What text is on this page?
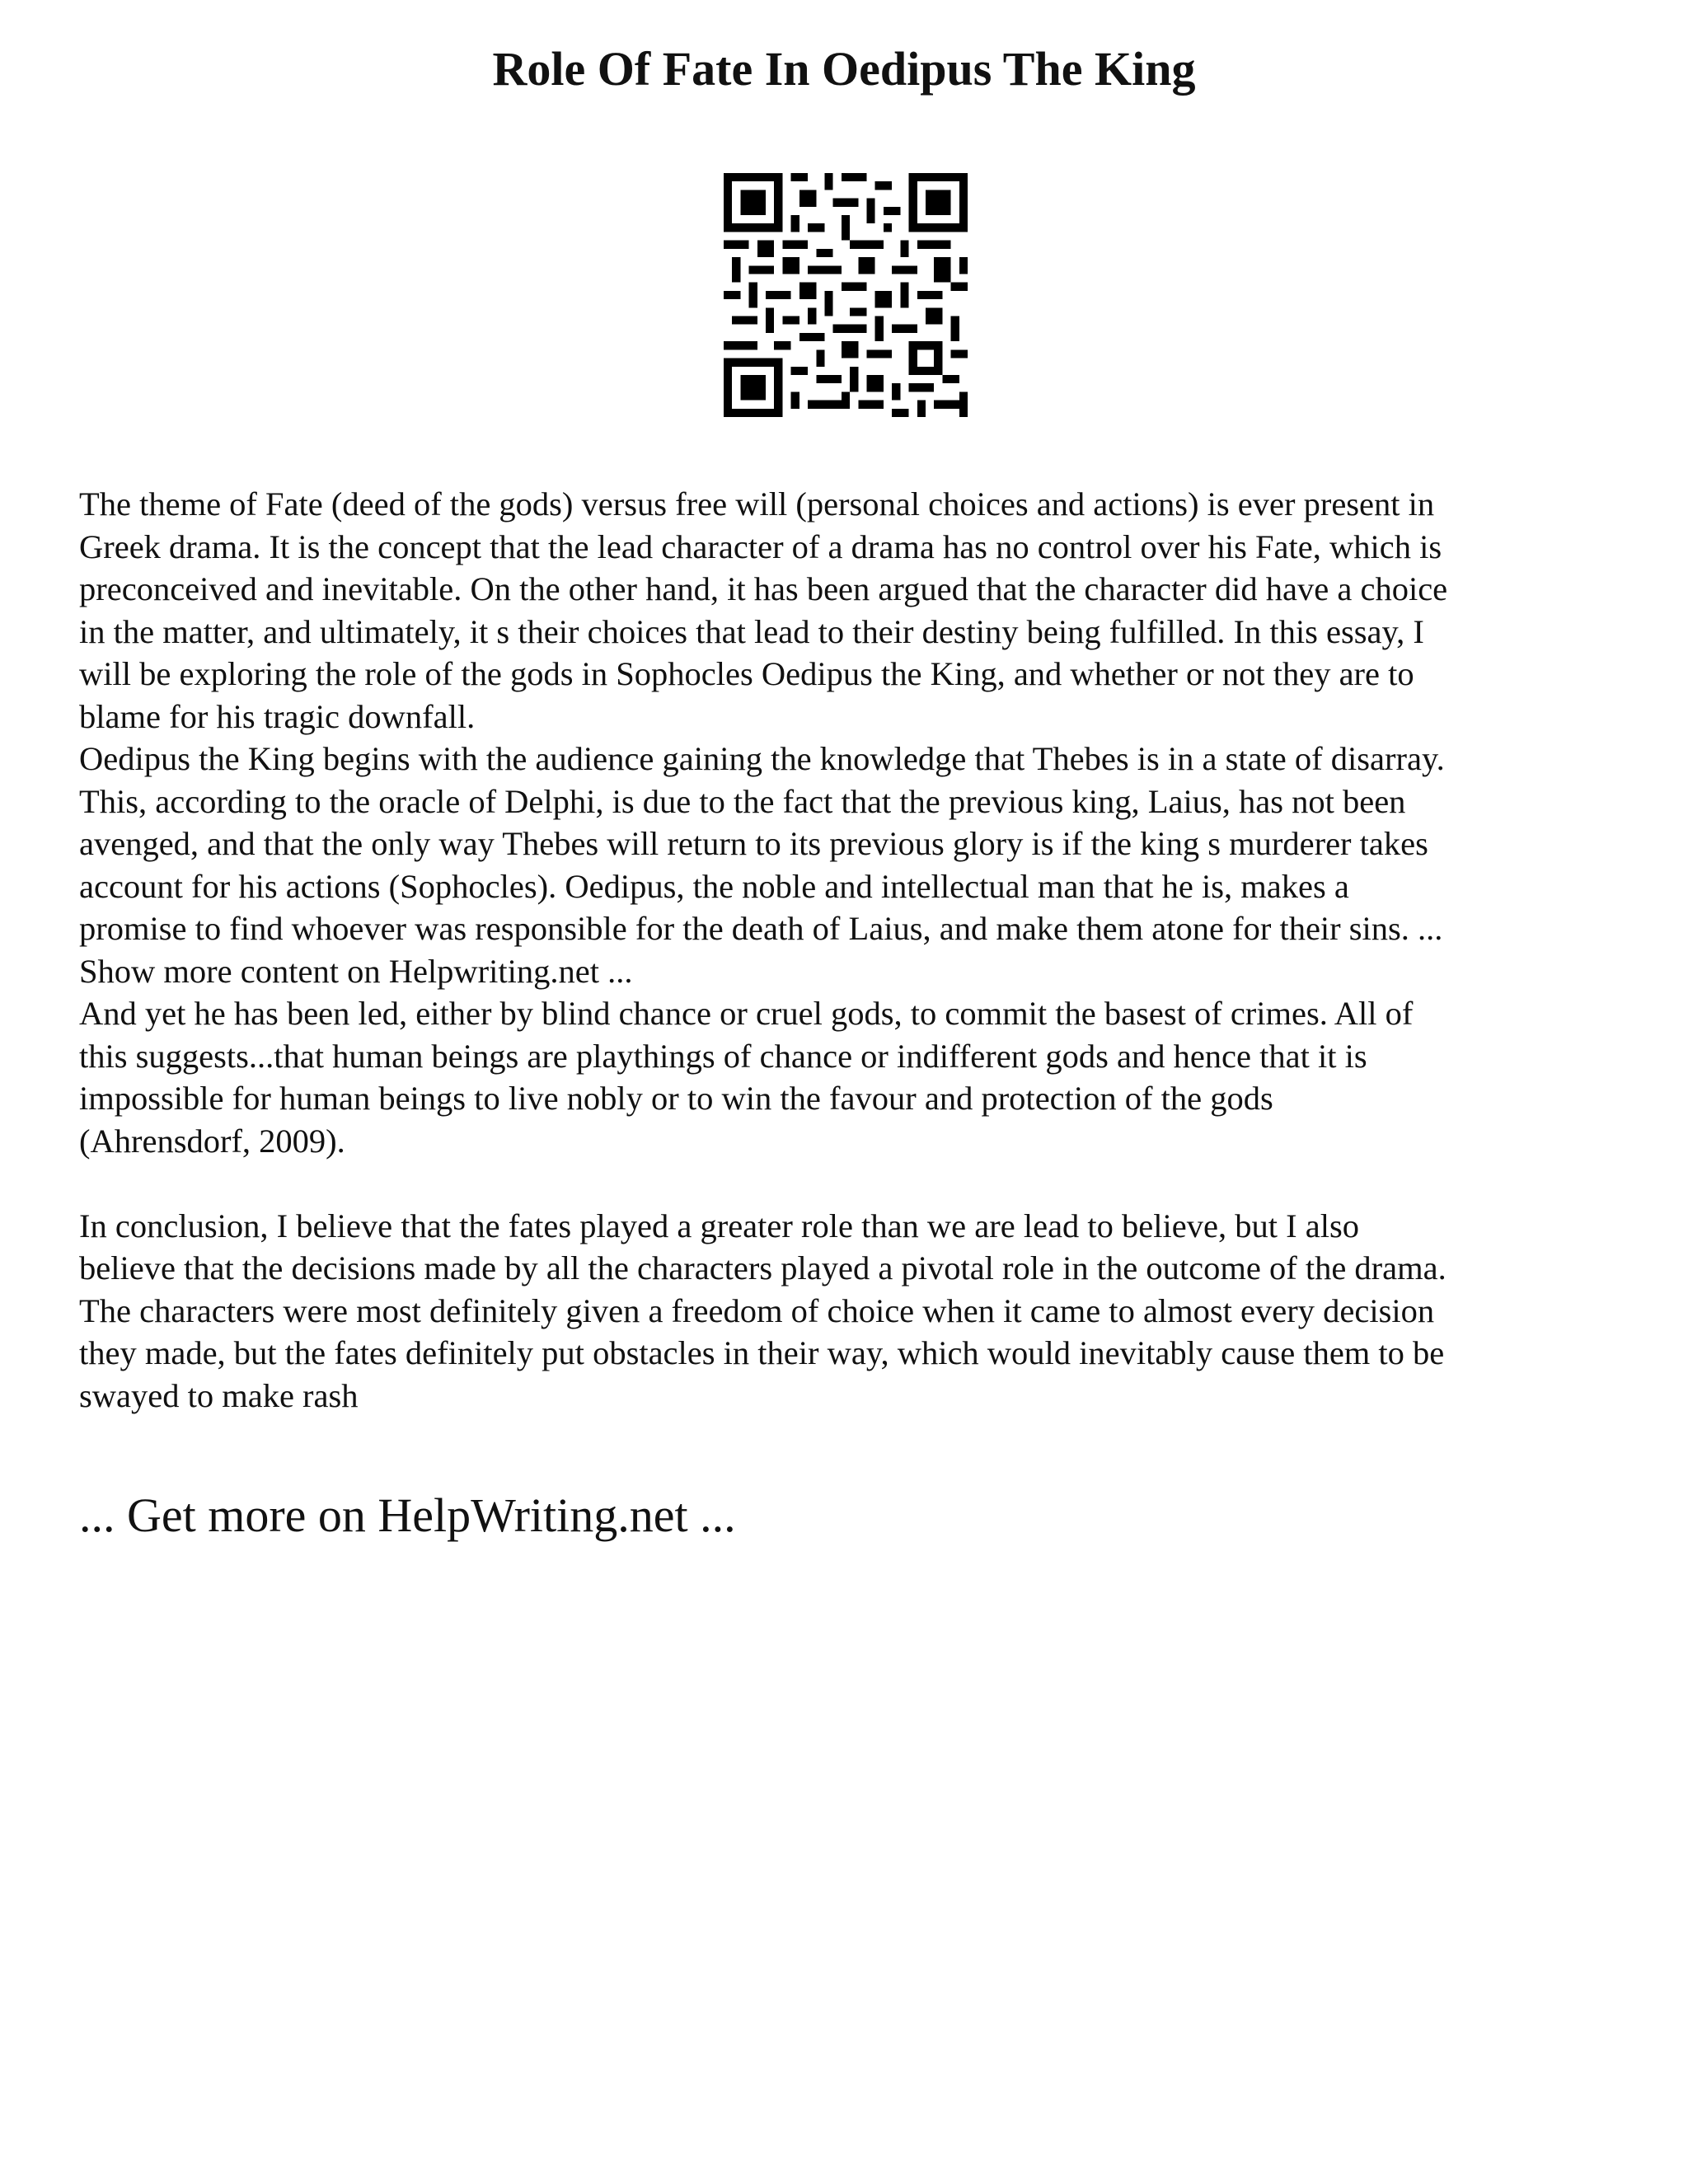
Role Of Fate In Oedipus The King
The theme of Fate (deed of the gods) versus free will (personal choices and actions) is ever present in
Greek drama. It is the concept that the lead character of a drama has no control over his Fate, which is
preconceived and inevitable. On the other hand, it has been argued that the character did have a choice
in the matter, and ultimately, it s their choices that lead to their destiny being fulfilled. In this essay, I
will be exploring the role of the gods in Sophocles Oedipus the King, and whether or not they are to
blame for his tragic downfall.
Oedipus the King begins with the audience gaining the knowledge that Thebes is in a state of disarray.
This, according to the oracle of Delphi, is due to the fact that the previous king, Laius, has not been
avenged, and that the only way Thebes will return to its previous glory is if the king s murderer takes
account for his actions (Sophocles). Oedipus, the noble and intellectual man that he is, makes a
promise to find whoever was responsible for the death of Laius, and make them atone for their sins. ...
Show more content on Helpwriting.net ...
And yet he has been led, either by blind chance or cruel gods, to commit the basest of crimes. All of
this suggests...that human beings are playthings of chance or indifferent gods and hence that it is
impossible for human beings to live nobly or to win the favour and protection of the gods
(Ahrensdorf, 2009).
In conclusion, I believe that the fates played a greater role than we are lead to believe, but I also
believe that the decisions made by all the characters played a pivotal role in the outcome of the drama.
The characters were most definitely given a freedom of choice when it came to almost every decision
they made, but the fates definitely put obstacles in their way, which would inevitably cause them to be
swayed to make rash
... Get more on HelpWriting.net ...
